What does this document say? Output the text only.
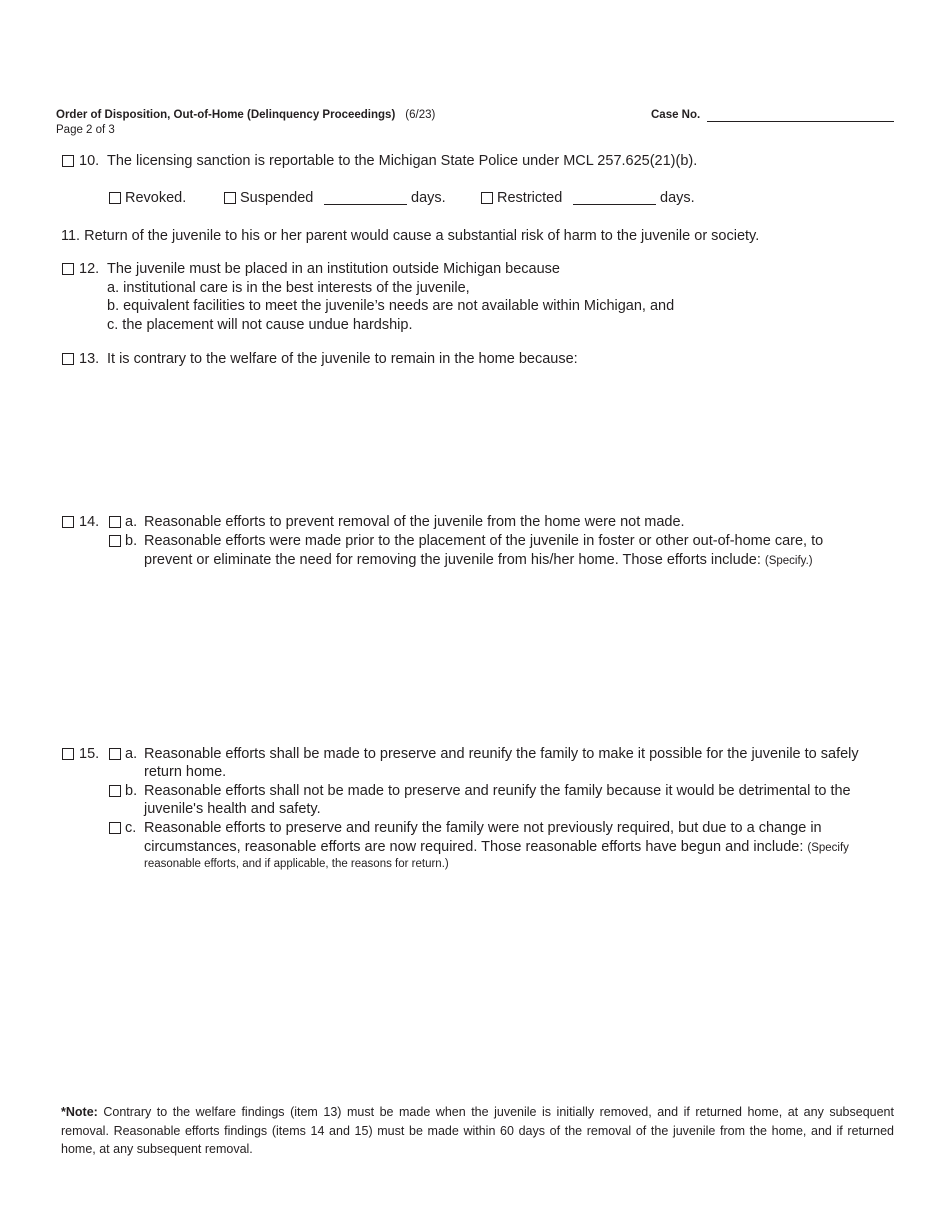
Order of Disposition, Out-of-Home (Delinquency Proceedings) (6/23)
Page 2 of 3
Case No.
10. The licensing sanction is reportable to the Michigan State Police under MCL 257.625(21)(b).
Revoked.	Suspended	days.	Restricted	days.
11. Return of the juvenile to his or her parent would cause a substantial risk of harm to the juvenile or society.
12. The juvenile must be placed in an institution outside Michigan because
a. institutional care is in the best interests of the juvenile,
b. equivalent facilities to meet the juvenile’s needs are not available within Michigan, and
c. the placement will not cause undue hardship.
13. It is contrary to the welfare of the juvenile to remain in the home because:
14. a. Reasonable efforts to prevent removal of the juvenile from the home were not made.
b. Reasonable efforts were made prior to the placement of the juvenile in foster or other out-of-home care, to
prevent or eliminate the need for removing the juvenile from his/her home. Those efforts include: (Specify.)
15. a. Reasonable efforts shall be made to preserve and reunify the family to make it possible for the juvenile to safely
return home.
b. Reasonable efforts shall not be made to preserve and reunify the family because it would be detrimental to the
juvenile's health and safety.
c. Reasonable efforts to preserve and reunify the family were not previously required, but due to a change in
circumstances, reasonable efforts are now required. Those reasonable efforts have begun and include: (Specify
reasonable efforts, and if applicable, the reasons for return.)
*Note: Contrary to the welfare findings (item 13) must be made when the juvenile is initially removed, and if returned home, at any subsequent removal. Reasonable efforts findings (items 14 and 15) must be made within 60 days of the removal of the juvenile from the home, and if returned home, at any subsequent removal.
